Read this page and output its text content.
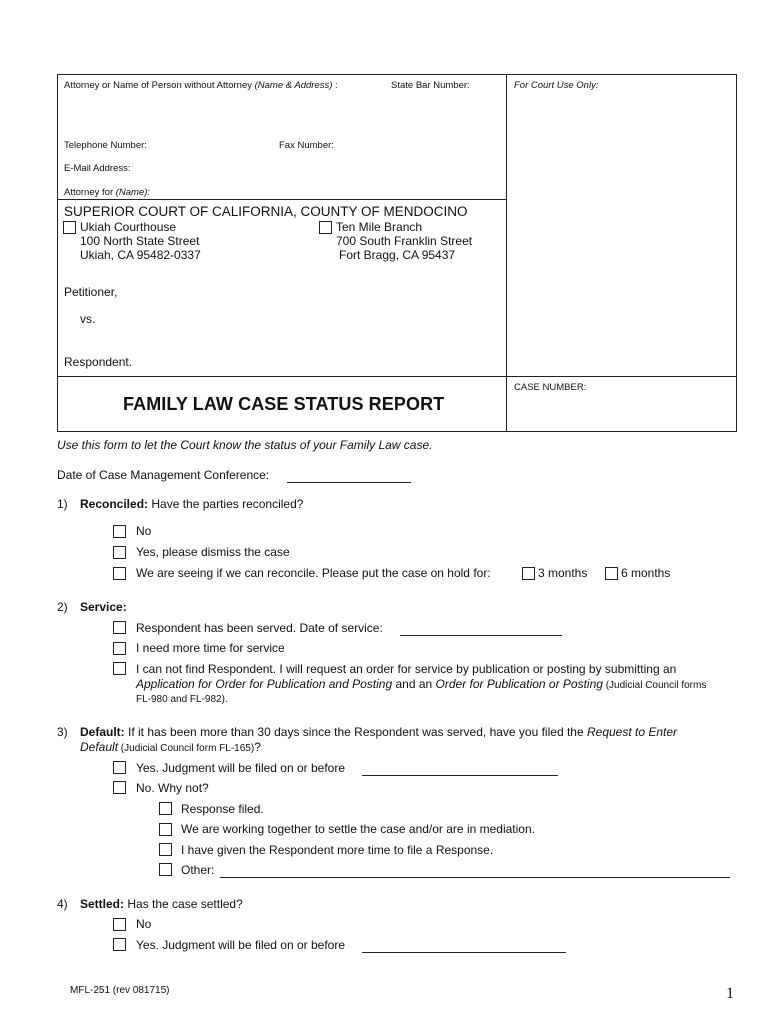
Attorney or Name of Person without Attorney (Name & Address) :	State Bar Number:	For Court Use Only:
Telephone Number:	Fax Number:
E-Mail Address:
Attorney for (Name):
SUPERIOR COURT OF CALIFORNIA, COUNTY OF MENDOCINO
Ukiah Courthouse
100 North State Street
Ukiah, CA 95482-0337
Ten Mile Branch
700 South Franklin Street
Fort Bragg, CA 95437
Petitioner,
vs.
Respondent.
CASE NUMBER:
FAMILY LAW CASE STATUS REPORT
Use this form to let the Court know the status of your Family Law case.
Date of Case Management Conference:
1) Reconciled: Have the parties reconciled?
No
Yes, please dismiss the case
We are seeing if we can reconcile. Please put the case on hold for:	3 months	6 months
2) Service:
Respondent has been served. Date of service:
I need more time for service
I can not find Respondent. I will request an order for service by publication or posting by submitting an
Application for Order for Publication and Posting and an Order for Publication or Posting (Judicial Council forms
FL-980 and FL-982).
3) Default: If it has been more than 30 days since the Respondent was served, have you filed the Request to Enter
Default (Judicial Council form FL-165)?
Yes. Judgment will be filed on or before
No. Why not?
Response filed.
We are working together to settle the case and/or are in mediation.
I have given the Respondent more time to file a Response.
Other:
4) Settled: Has the case settled?
No
Yes. Judgment will be filed on or before
MFL-251 (rev 081715)	1
